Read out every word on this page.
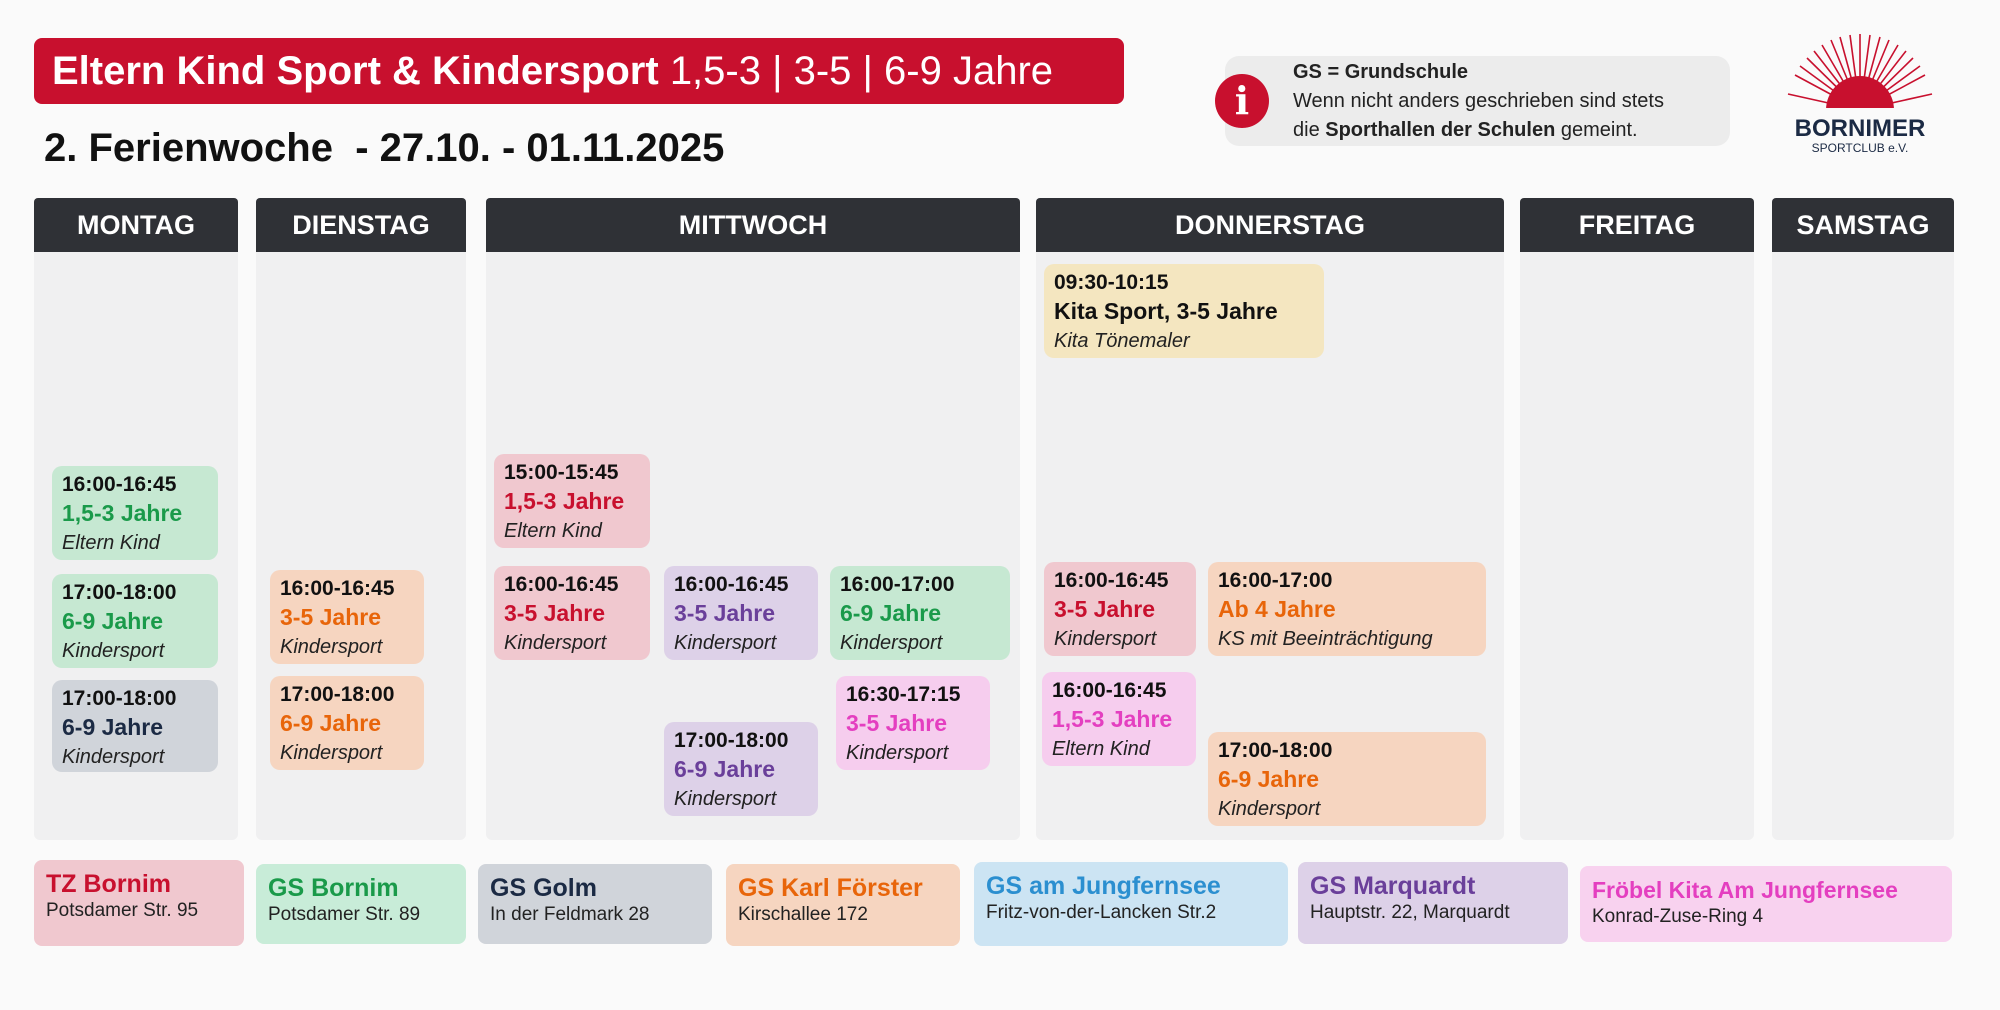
Eltern Kind Sport & Kindersport 1,5-3 | 3-5 | 6-9 Jahre
2. Ferienwoche  - 27.10. - 01.11.2025
i
GS = Grundschule
Wenn nicht anders geschrieben sind stets
die Sporthallen der Schulen gemeint.	BORNIMER
SPORTCLUB e.V.
MONTAG	DIENSTAG	MITTWOCH	DONNERSTAG	FREITAG	SAMSTAG
16:00-16:45
1,5-3 Jahre
Eltern Kind
17:00-18:00
6-9 Jahre
Kindersport
17:00-18:00
6-9 Jahre
Kindersport
16:00-16:45
3-5 Jahre
Kindersport
17:00-18:00
6-9 Jahre
Kindersport
15:00-15:45
1,5-3 Jahre
Eltern Kind
16:00-16:45
3-5 Jahre
Kindersport
16:00-16:45
3-5 Jahre
Kindersport
16:00-17:00
6-9 Jahre
Kindersport
16:30-17:15
3-5 Jahre
Kindersport
17:00-18:00
6-9 Jahre
Kindersport
09:30-10:15
Kita Sport, 3-5 Jahre
Kita Tönemaler
16:00-16:45
3-5 Jahre
Kindersport
16:00-17:00
Ab 4 Jahre
KS mit Beeinträchtigung
16:00-16:45
1,5-3 Jahre
Eltern Kind	17:00-18:00
6-9 Jahre
Kindersport
TZ Bornim
Potsdamer Str. 95
GS Bornim
Potsdamer Str. 89
GS Golm
In der Feldmark 28
GS Karl Förster
Kirschallee 172
GS am Jungfernsee
Fritz-von-der-Lancken Str.2
GS Marquardt
Hauptstr. 22, Marquardt
Fröbel Kita Am Jungfernsee
Konrad-Zuse-Ring 4
